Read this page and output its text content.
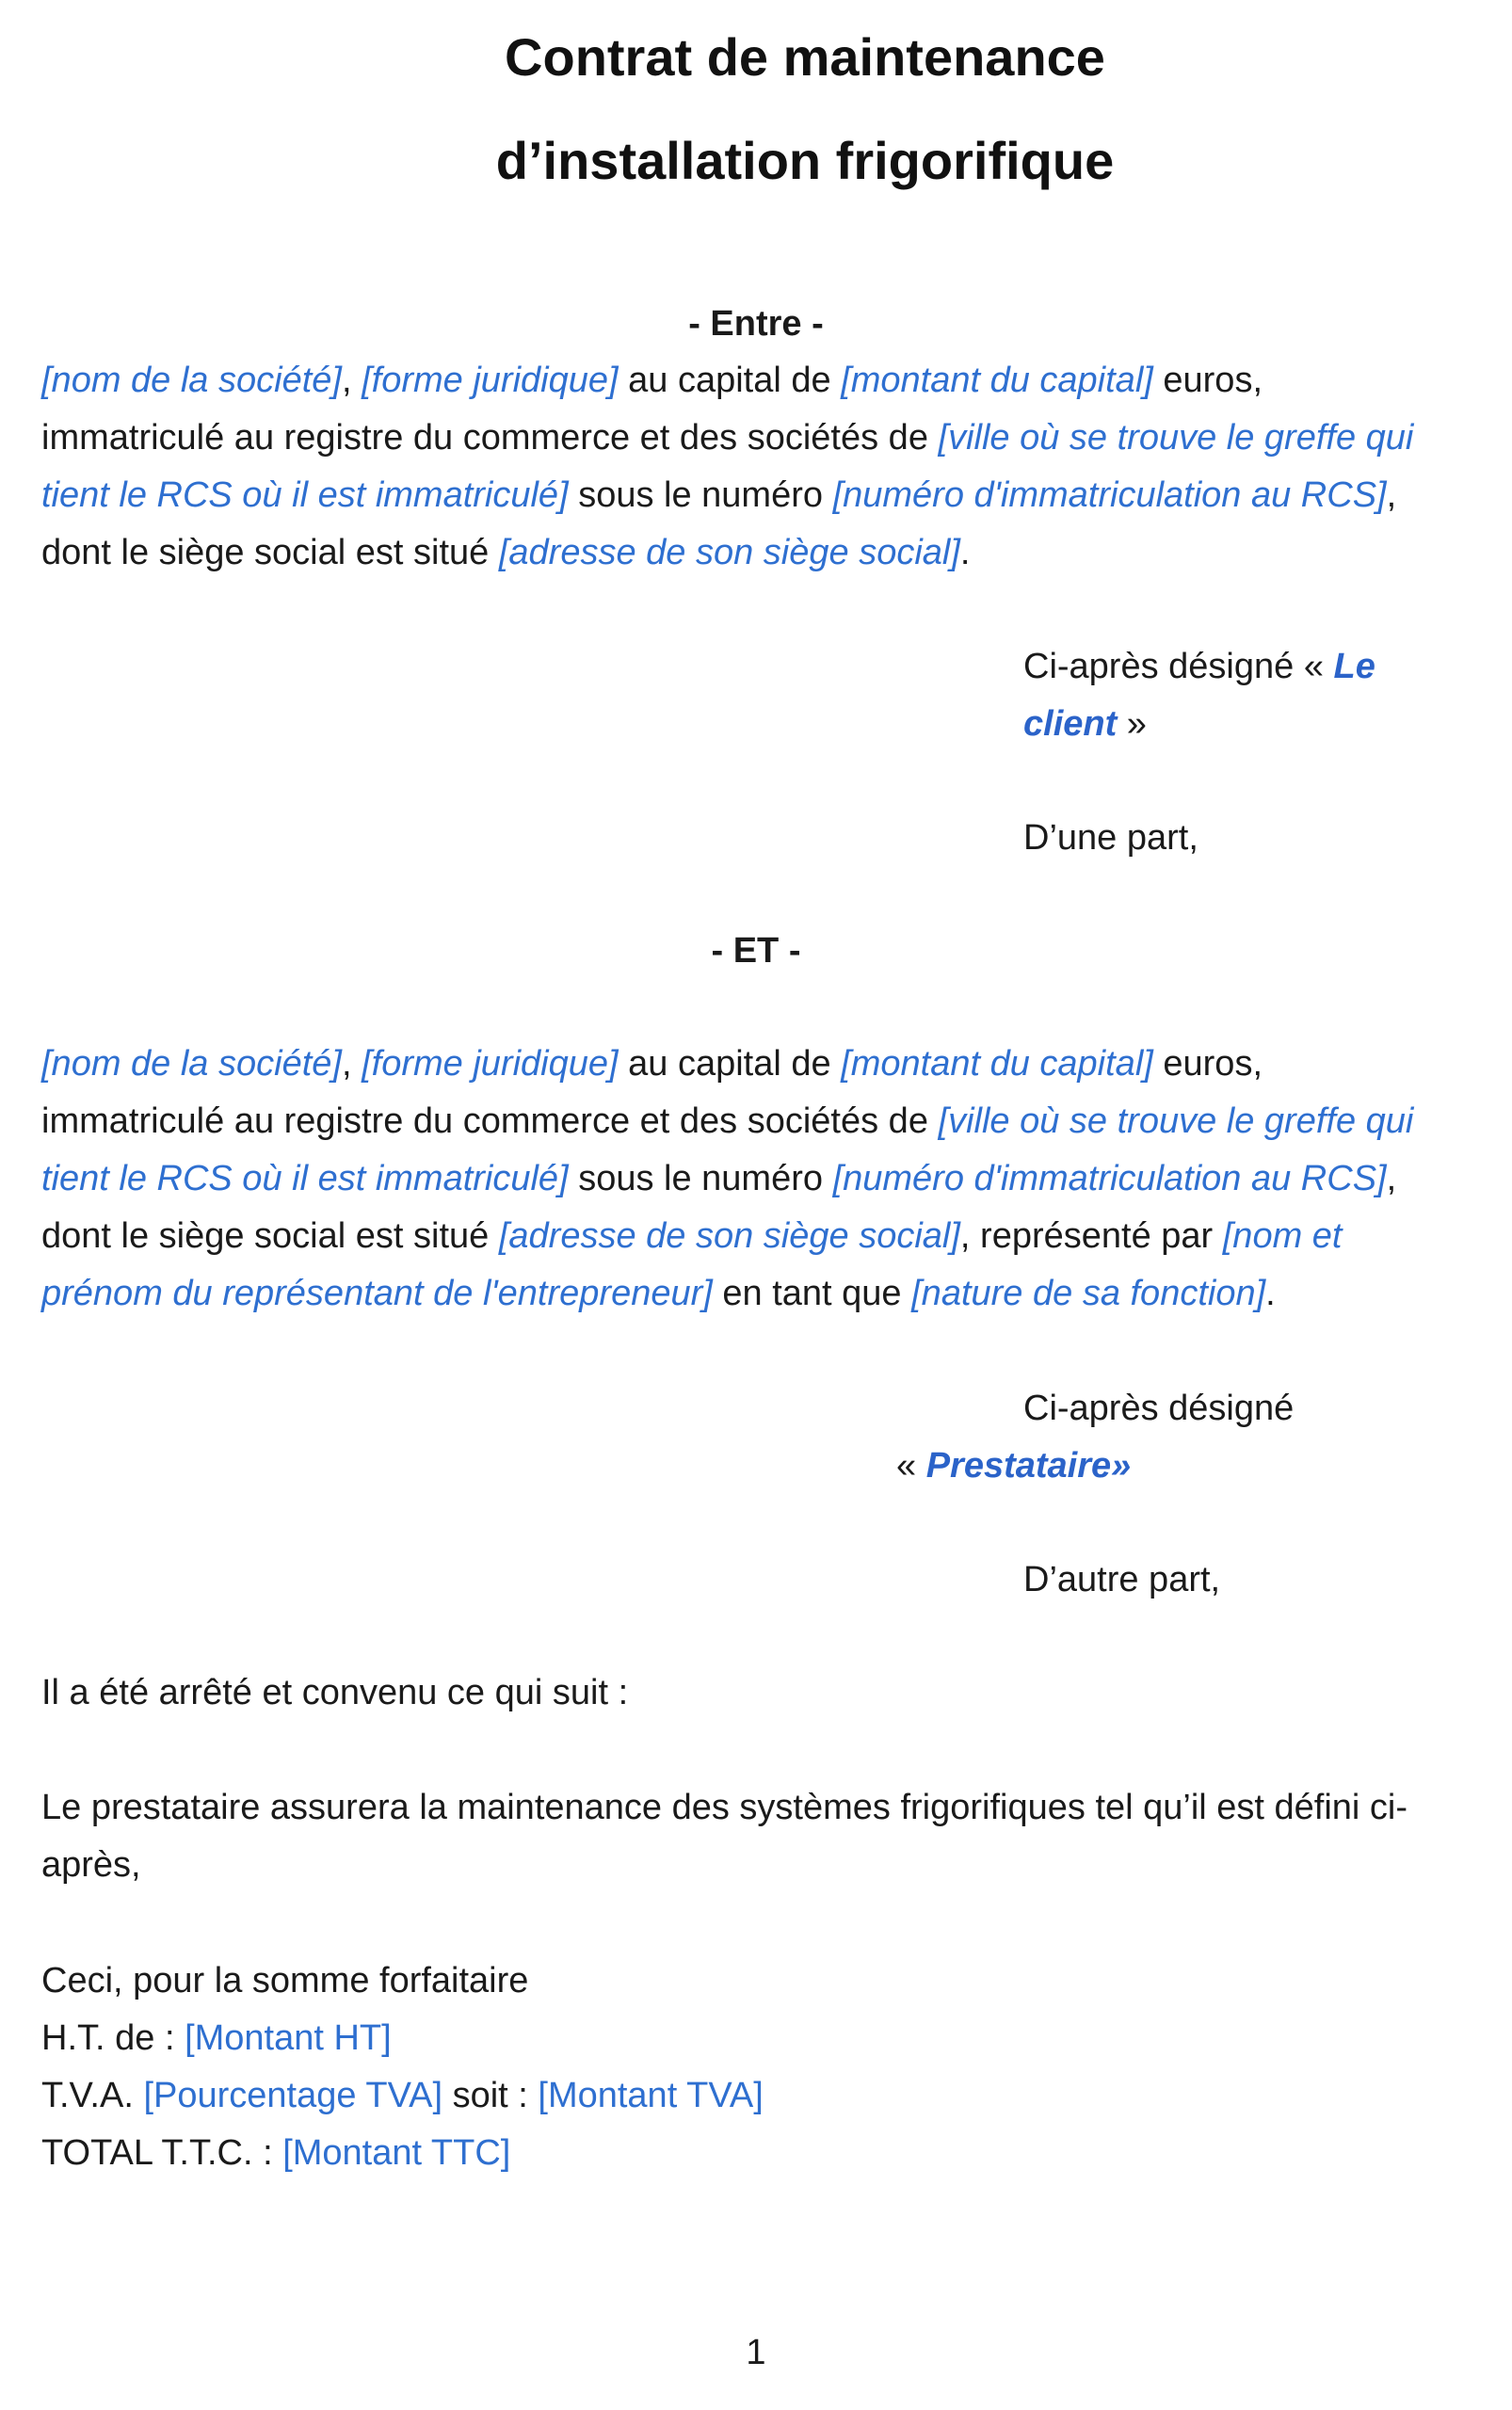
Contrat de maintenance
d’installation frigorifique
- Entre -

[nom de la société], [forme juridique] au capital de [montant du capital] euros,
immatriculé au registre du commerce et des sociétés de [ville où se trouve le greffe qui tient le RCS où il est immatriculé] sous le numéro [numéro d'immatriculation au RCS], dont le siège social est situé [adresse de son siège social].

Ci-après désigné « Le client »
D’une part,
- ET -

[nom de la société], [forme juridique] au capital de [montant du capital] euros,
immatriculé au registre du commerce et des sociétés de [ville où se trouve le greffe qui tient le RCS où il est immatriculé] sous le numéro [numéro d'immatriculation au RCS], dont le siège social est situé [adresse de son siège social], représenté par [nom et prénom du représentant de l'entrepreneur] en tant que [nature de sa fonction].

Ci-après désigné
« Prestataire»
D’autre part,
Il a été arrêté et convenu ce qui suit :
Le prestataire assurera la maintenance des systèmes frigorifiques tel qu’il est défini ci-après,
Ceci, pour la somme forfaitaire
H.T. de : [Montant HT]
T.V.A. [Pourcentage TVA] soit : [Montant TVA]
TOTAL T.T.C. : [Montant TTC]
1
